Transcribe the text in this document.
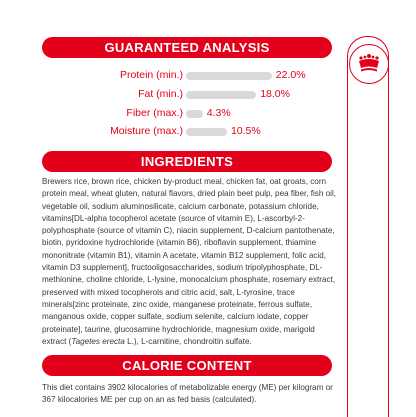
GUARANTEED ANALYSIS
Protein (min.)	22.0%
Fat (min.)	18.0%
Fiber (max.) 4.3%
Moisture (max.)	10.5%
INGREDIENTS
Brewers rice, brown rice, chicken by-product meal, chicken fat, oat groats, corn protein meal, wheat gluten, natural flavors, dried plain beet pulp, pea fiber, fish oil, vegetable oil, sodium aluminosilicate, calcium carbonate, potassium chloride, vitamins[DL-alpha tocopherol acetate (source of vitamin E), L-ascorbyl-2-polyphosphate (source of vitamin C), niacin supplement, D-calcium pantothenate, biotin, pyridoxine hydrochloride (vitamin B6), riboflavin supplement, thiamine mononitrate (vitamin B1), vitamin A acetate, vitamin B12 supplement, folic acid, vitamin D3 supplement], fructooligosaccharides, sodium tripolyphosphate, DL-methionine, choline chloride, L-lysine, monocalcium phosphate, rosemary extract, preserved with mixed tocopherols and citric acid, salt, L-tyrosine, trace minerals[zinc proteinate, zinc oxide, manganese proteinate, ferrous sulfate, manganous oxide, copper sulfate, sodium selenite, calcium iodate, copper proteinate], taurine, glucosamine hydrochloride, magnesium oxide, marigold extract (Tagetes erecta L.), L-carnitine, chondroitin sulfate.
CALORIE CONTENT
This diet contains 3902 kilocalories of metabolizable energy (ME) per kilogram or 367 kilocalories ME per cup on an as fed basis (calculated).
